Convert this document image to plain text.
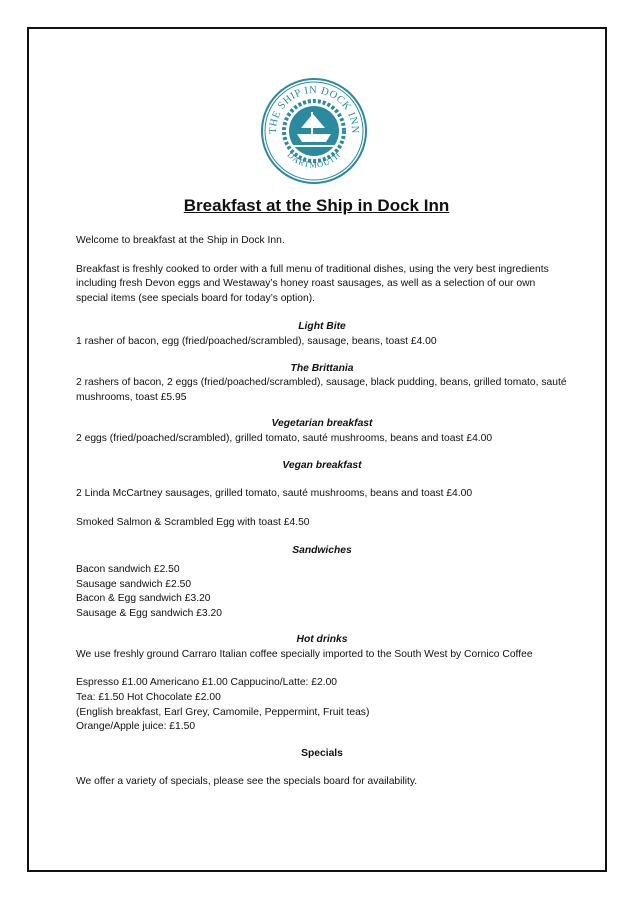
THE SHIP IN DOCK INN
DARTMOUTH
Breakfast at the Ship in Dock Inn

Welcome to breakfast at the Ship in Dock Inn.

Breakfast is freshly cooked to order with a full menu of traditional dishes, using the very best ingredients including fresh Devon eggs and Westaway’s honey roast sausages, as well as a selection of our own special items (see specials board for today’s option).

Light Bite

1 rasher of bacon, egg (fried/poached/scrambled), sausage, beans, toast £4.00

The Brittania

2 rashers of bacon, 2 eggs (fried/poached/scrambled), sausage, black pudding, beans, grilled tomato, sauté mushrooms, toast £5.95

Vegetarian breakfast

2 eggs (fried/poached/scrambled), grilled tomato, sauté mushrooms, beans and toast £4.00

Vegan breakfast

2 Linda McCartney sausages, grilled tomato, sauté mushrooms, beans and toast £4.00

Smoked Salmon & Scrambled Egg with toast £4.50

Sandwiches

Bacon sandwich £2.50

Sausage sandwich £2.50

Bacon & Egg sandwich £3.20

Sausage & Egg sandwich £3.20

Hot drinks

We use freshly ground Carraro Italian coffee specially imported to the South West by Cornico Coffee

Espresso £1.00 Americano £1.00 Cappucino/Latte: £2.00

Tea: £1.50 Hot Chocolate £2.00

(English breakfast, Earl Grey, Camomile, Peppermint, Fruit teas)

Orange/Apple juice: £1.50

Specials

We offer a variety of specials, please see the specials board for availability.
